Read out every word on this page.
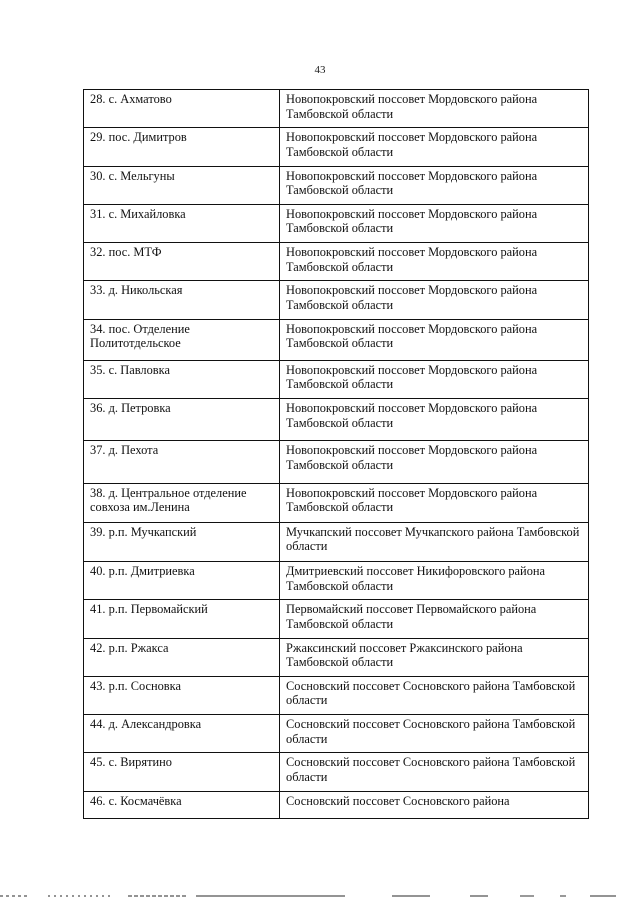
43
28. с. Ахматово	Новопокровский поссовет Мордовского района Тамбовской области
29. пос. Димитров	Новопокровский поссовет Мордовского района Тамбовской области
30. с. Мельгуны	Новопокровский поссовет Мордовского района Тамбовской области
31. с. Михайловка	Новопокровский поссовет Мордовского района Тамбовской области
32. пос. МТФ	Новопокровский поссовет Мордовского района Тамбовской области
33. д. Никольская	Новопокровский поссовет Мордовского района Тамбовской области
34. пос. Отделение Политотдельское	Новопокровский поссовет Мордовского района Тамбовской области
35. с. Павловка	Новопокровский поссовет Мордовского района Тамбовской области
36. д. Петровка	Новопокровский поссовет Мордовского района Тамбовской области
37. д. Пехота	Новопокровский поссовет Мордовского района Тамбовской области
38. д. Центральное отделение совхоза им.Ленина	Новопокровский поссовет Мордовского района Тамбовской области
39. р.п. Мучкапский	Мучкапский поссовет Мучкапского района Тамбовской области
40. р.п. Дмитриевка	Дмитриевский поссовет Никифоровского района Тамбовской области
41. р.п. Первомайский	Первомайский поссовет Первомайского района Тамбовской области
42. р.п. Ржакса	Ржаксинский поссовет Ржаксинского района Тамбовской области
43. р.п. Сосновка	Сосновский поссовет Сосновского района Тамбовской области
44. д. Александровка	Сосновский поссовет Сосновского района Тамбовской области
45. с. Вирятино	Сосновский поссовет Сосновского района Тамбовской области
46. с. Космачёвка	Сосновский поссовет Сосновского района
